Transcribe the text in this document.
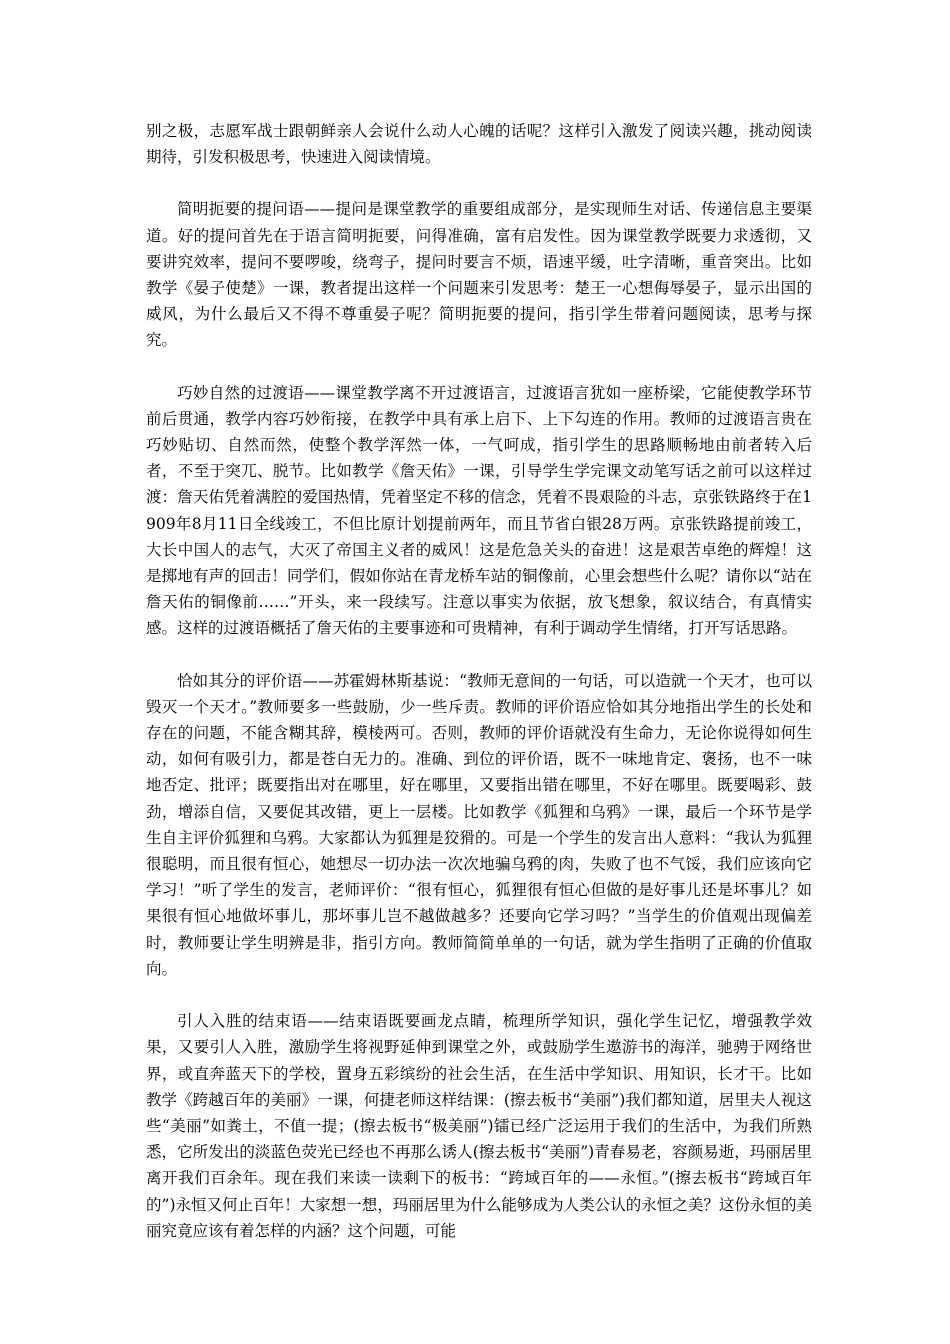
别之极，志愿军战士跟朝鲜亲人会说什么动人心魄的话呢？这样引入激发了阅读兴趣，挑动阅读期待，引发积极思考，快速进入阅读情境。

简明扼要的提问语——提问是课堂教学的重要组成部分，是实现师生对话、传递信息主要渠道。好的提问首先在于语言简明扼要，问得准确，富有启发性。因为课堂教学既要力求透彻，又要讲究效率，提问不要啰唆，绕弯子，提问时要言不烦，语速平缓，吐字清晰，重音突出。比如教学《晏子使楚》一课，教者提出这样一个问题来引发思考：楚王一心想侮辱晏子，显示出国的威风，为什么最后又不得不尊重晏子呢？简明扼要的提问，指引学生带着问题阅读，思考与探究。

巧妙自然的过渡语——课堂教学离不开过渡语言，过渡语言犹如一座桥梁，它能使教学环节前后贯通，教学内容巧妙衔接，在教学中具有承上启下、上下勾连的作用。教师的过渡语言贵在巧妙贴切、自然而然，使整个教学浑然一体，一气呵成，指引学生的思路顺畅地由前者转入后者，不至于突兀、脱节。比如教学《詹天佑》一课，引导学生学完课文动笔写话之前可以这样过渡：詹天佑凭着满腔的爱国热情，凭着坚定不移的信念，凭着不畏艰险的斗志，京张铁路终于在1909年8月11日全线竣工，不但比原计划提前两年，而且节省白银28万两。京张铁路提前竣工，大长中国人的志气，大灭了帝国主义者的威风！这是危急关头的奋进！这是艰苦卓绝的辉煌！这是掷地有声的回击！同学们，假如你站在青龙桥车站的铜像前，心里会想些什么呢？请你以“站在詹天佑的铜像前……”开头，来一段续写。注意以事实为依据，放飞想象，叙议结合，有真情实感。这样的过渡语概括了詹天佑的主要事迹和可贵精神，有利于调动学生情绪，打开写话思路。

恰如其分的评价语——苏霍姆林斯基说：“教师无意间的一句话，可以造就一个天才，也可以毁灭一个天才。”教师要多一些鼓励，少一些斥责。教师的评价语应恰如其分地指出学生的长处和存在的问题，不能含糊其辞，模棱两可。否则，教师的评价语就没有生命力，无论你说得如何生动，如何有吸引力，都是苍白无力的。准确、到位的评价语，既不一味地肯定、褒扬，也不一味地否定、批评；既要指出对在哪里，好在哪里，又要指出错在哪里，不好在哪里。既要喝彩、鼓劲，增添自信，又要促其改错，更上一层楼。比如教学《狐狸和乌鸦》一课，最后一个环节是学生自主评价狐狸和乌鸦。大家都认为狐狸是狡猾的。可是一个学生的发言出人意料：“我认为狐狸很聪明，而且很有恒心，她想尽一切办法一次次地骗乌鸦的肉，失败了也不气馁，我们应该向它学习！”听了学生的发言，老师评价：“很有恒心，狐狸很有恒心但做的是好事儿还是坏事儿？如果很有恒心地做坏事儿，那坏事儿岂不越做越多？还要向它学习吗？”当学生的价值观出现偏差时，教师要让学生明辨是非，指引方向。教师简简单单的一句话，就为学生指明了正确的价值取向。

引人入胜的结束语——结束语既要画龙点睛，梳理所学知识，强化学生记忆，增强教学效果，又要引人入胜，激励学生将视野延伸到课堂之外，或鼓励学生遨游书的海洋，驰骋于网络世界，或直奔蓝天下的学校，置身五彩缤纷的社会生活，在生活中学知识、用知识，长才干。比如教学《跨越百年的美丽》一课，何捷老师这样结课：(擦去板书“美丽”)我们都知道，居里夫人视这些“美丽”如粪土，不值一提；(擦去板书“极美丽”)镭已经广泛运用于我们的生活中，为我们所熟悉，它所发出的淡蓝色荧光已经也不再那么诱人(擦去板书“美丽”)青春易老，容颜易逝，玛丽居里离开我们百余年。现在我们来读一读剩下的板书：“跨域百年的——永恒。”(擦去板书“跨域百年的”)永恒又何止百年！大家想一想，玛丽居里为什么能够成为人类公认的永恒之美？这份永恒的美丽究竟应该有着怎样的内涵？这个问题，可能
